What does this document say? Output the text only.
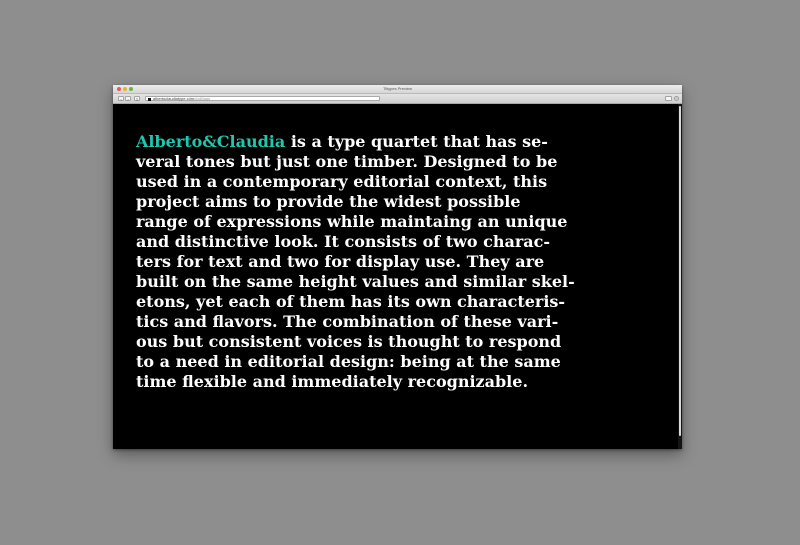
Tiltypes Preview
‹	›	⇪	albertoclaudiatype.com/#all/tags

Alberto&Claudia is a type quartet that has se-
veral tones but just one timber. Designed to be
used in a contemporary editorial context, this
project aims to provide the widest possible
range of expressions while maintaing an unique
and distinctive look. It consists of two charac-
ters for text and two for display use. They are
built on the same height values and similar skel-
etons, yet each of them has its own characteris-
tics and flavors. The combination of these vari-
ous but consistent voices is thought to respond
to a need in editorial design: being at the same
time flexible and immediately recognizable.
